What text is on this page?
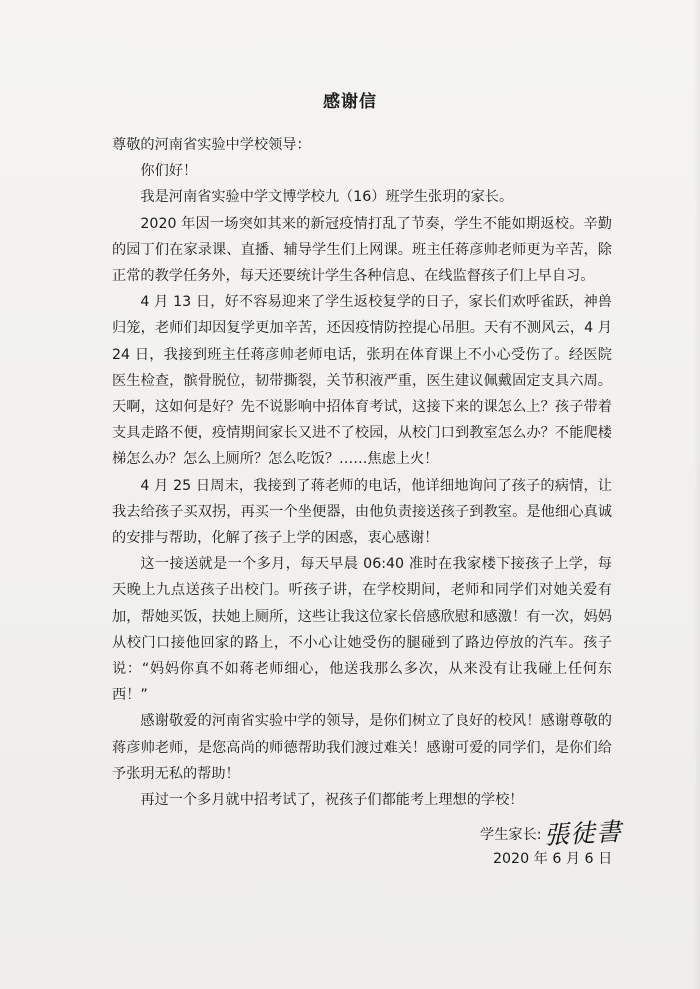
感谢信

尊敬的河南省实验中学校领导：

你们好！

我是河南省实验中学文博学校九（16）班学生张玥的家长。

2020 年因一场突如其来的新冠疫情打乱了节奏，学生不能如期返校。辛勤的园丁们在家录课、直播、辅导学生们上网课。班主任蒋彦帅老师更为辛苦，除正常的教学任务外，每天还要统计学生各种信息、在线监督孩子们上早自习。

4 月 13 日，好不容易迎来了学生返校复学的日子，家长们欢呼雀跃，神兽归笼，老师们却因复学更加辛苦，还因疫情防控提心吊胆。天有不测风云，4 月 24 日，我接到班主任蒋彦帅老师电话，张玥在体育课上不小心受伤了。经医院医生检查，髌骨脱位，韧带撕裂，关节积液严重，医生建议佩戴固定支具六周。天啊，这如何是好？先不说影响中招体育考试，这接下来的课怎么上？孩子带着支具走路不便，疫情期间家长又进不了校园，从校门口到教室怎么办？不能爬楼梯怎么办？怎么上厕所？怎么吃饭？……焦虑上火！

4 月 25 日周末，我接到了蒋老师的电话，他详细地询问了孩子的病情，让我去给孩子买双拐，再买一个坐便器，由他负责接送孩子到教室。是他细心真诚的安排与帮助，化解了孩子上学的困惑，衷心感谢！

这一接送就是一个多月，每天早晨 06:40 准时在我家楼下接孩子上学，每天晚上九点送孩子出校门。听孩子讲，在学校期间，老师和同学们对她关爱有加，帮她买饭，扶她上厕所，这些让我这位家长倍感欣慰和感激！有一次，妈妈从校门口接他回家的路上，不小心让她受伤的腿碰到了路边停放的汽车。孩子说：“妈妈你真不如蒋老师细心，他送我那么多次，从来没有让我碰上任何东西！”

感谢敬爱的河南省实验中学的领导，是你们树立了良好的校风！感谢尊敬的蒋彦帅老师，是您高尚的师德帮助我们渡过难关！感谢可爱的同学们，是你们给予张玥无私的帮助！

再过一个多月就中招考试了，祝孩子们都能考上理想的学校！

学生家长: 張徒書
2020 年 6 月 6 日
